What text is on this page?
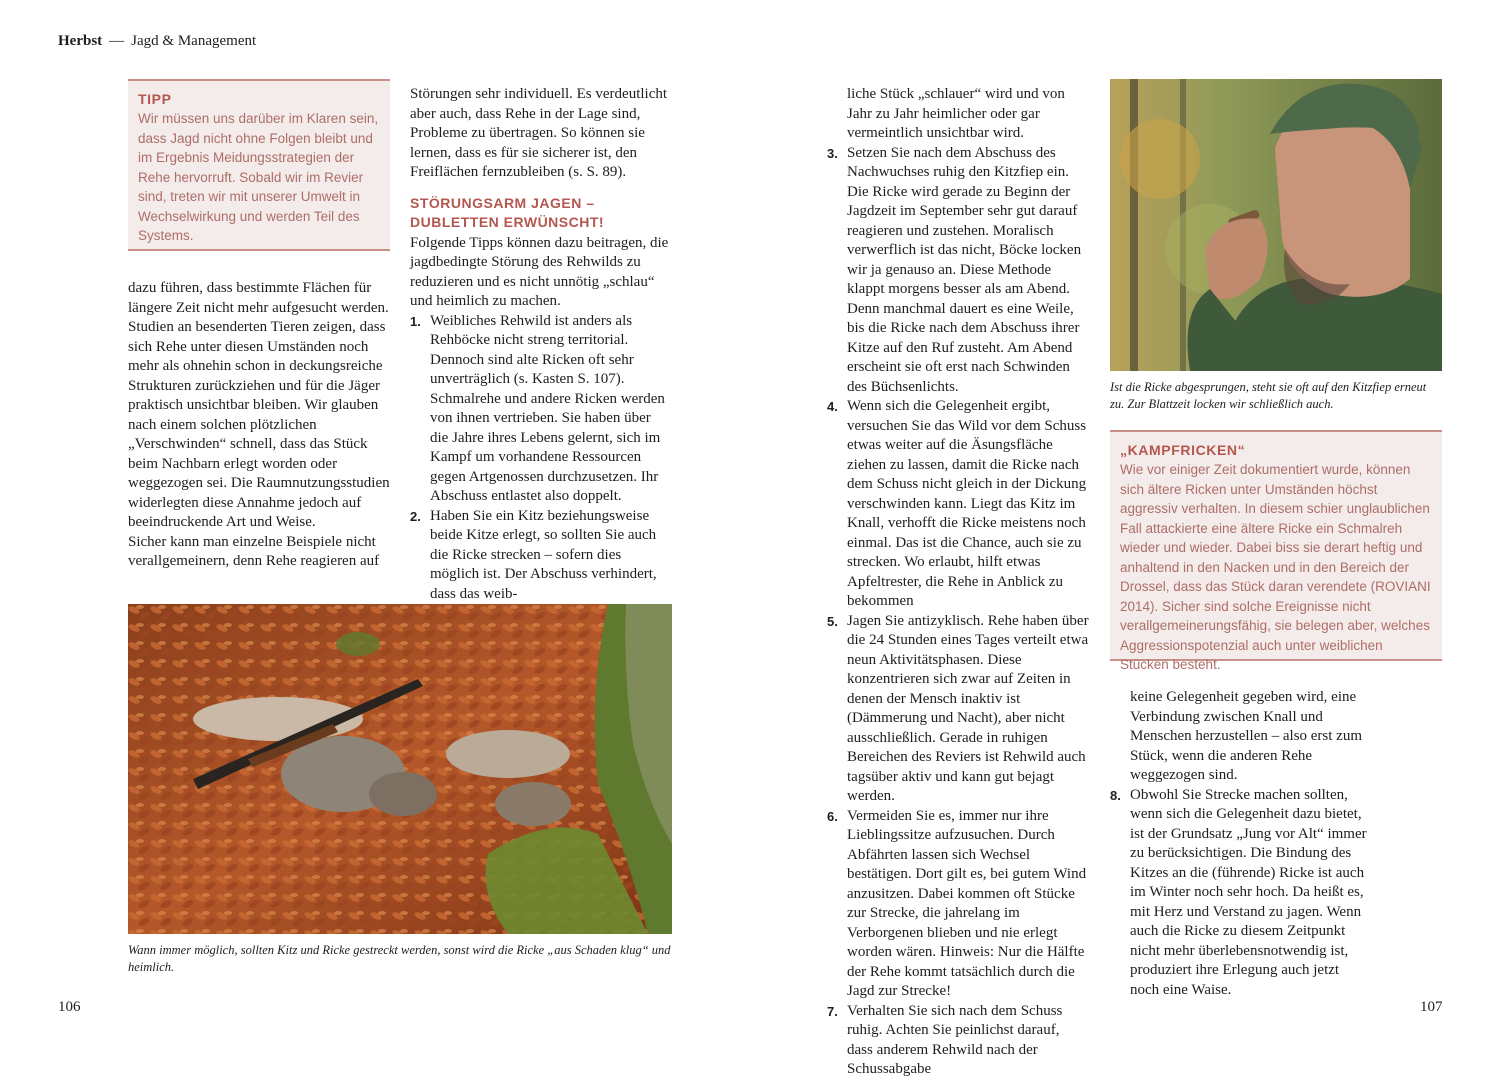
Herbst — Jagd & Management
TIPP
Wir müssen uns darüber im Klaren sein, dass Jagd nicht ohne Folgen bleibt und im Ergebnis Meidungsstrategien der Rehe hervorruft. Sobald wir im Revier sind, treten wir mit unserer Umwelt in Wechselwirkung und werden Teil des Systems.

dazu führen, dass bestimmte Flächen für längere Zeit nicht mehr aufgesucht werden. Studien an besenderten Tieren zeigen, dass sich Rehe unter diesen Umständen noch mehr als ohnehin schon in deckungsreiche Strukturen zurückziehen und für die Jäger praktisch unsichtbar bleiben. Wir glauben nach einem solchen plötzlichen „Verschwinden“ schnell, dass das Stück beim Nachbarn erlegt worden oder weggezogen sei. Die Raumnutzungsstudien widerlegten diese Annahme jedoch auf beeindruckende Art und Weise.

Sicher kann man einzelne Beispiele nicht verallgemeinern, denn Rehe reagieren auf

Störungen sehr individuell. Es verdeutlicht aber auch, dass Rehe in der Lage sind, Probleme zu übertragen. So können sie lernen, dass es für sie sicherer ist, den Freiflächen fernzubleiben (s. S. 89).

STÖRUNGSARM JAGEN – DUBLETTEN ERWÜNSCHT!

Folgende Tipps können dazu beitragen, die jagdbedingte Störung des Rehwilds zu reduzieren und es nicht unnötig „schlau“ und heimlich zu machen.

1. Weibliches Rehwild ist anders als Rehböcke nicht streng territorial. Dennoch sind alte Ricken oft sehr unverträglich (s. Kasten S. 107). Schmalrehe und andere Ricken werden von ihnen vertrieben. Sie haben über die Jahre ihres Lebens gelernt, sich im Kampf um vorhandene Ressourcen gegen Artgenossen durchzusetzen. Ihr Abschuss entlastet also doppelt.
2. Haben Sie ein Kitz beziehungsweise beide Kitze erlegt, so sollten Sie auch die Ricke strecken – sofern dies möglich ist. Der Abschuss verhindert, dass das weib-
Wann immer möglich, sollten Kitz und Ricke gestreckt werden, sonst wird die Ricke „aus Schaden klug“ und heimlich.
106

liche Stück „schlauer“ wird und von Jahr zu Jahr heimlicher oder gar vermeintlich unsichtbar wird.

3. Setzen Sie nach dem Abschuss des Nachwuchses ruhig den Kitzfiep ein. Die Ricke wird gerade zu Beginn der Jagdzeit im September sehr gut darauf reagieren und zustehen. Moralisch verwerflich ist das nicht, Böcke locken wir ja genauso an. Diese Methode klappt morgens besser als am Abend. Denn manchmal dauert es eine Weile, bis die Ricke nach dem Abschuss ihrer Kitze auf den Ruf zusteht. Am Abend erscheint sie oft erst nach Schwinden des Büchsenlichts.
4. Wenn sich die Gelegenheit ergibt, versuchen Sie das Wild vor dem Schuss etwas weiter auf die Äsungsfläche ziehen zu lassen, damit die Ricke nach dem Schuss nicht gleich in der Dickung verschwinden kann. Liegt das Kitz im Knall, verhofft die Ricke meistens noch einmal. Das ist die Chance, auch sie zu strecken. Wo erlaubt, hilft etwas Apfeltrester, die Rehe in Anblick zu bekommen
5. Jagen Sie antizyklisch. Rehe haben über die 24 Stunden eines Tages verteilt etwa neun Aktivitätsphasen. Diese konzentrieren sich zwar auf Zeiten in denen der Mensch inaktiv ist (Dämmerung und Nacht), aber nicht ausschließlich. Gerade in ruhigen Bereichen des Reviers ist Rehwild auch tagsüber aktiv und kann gut bejagt werden.
6. Vermeiden Sie es, immer nur ihre Lieblingssitze aufzusuchen. Durch Abfährten lassen sich Wechsel bestätigen. Dort gilt es, bei gutem Wind anzusitzen. Dabei kommen oft Stücke zur Strecke, die jahrelang im Verborgenen blieben und nie erlegt worden wären. Hinweis: Nur die Hälfte der Rehe kommt tatsächlich durch die Jagd zur Strecke!
7. Verhalten Sie sich nach dem Schuss ruhig. Achten Sie peinlichst darauf, dass anderem Rehwild nach der Schussabgabe
Ist die Ricke abgesprungen, steht sie oft auf den Kitzfiep erneut zu. Zur Blattzeit locken wir schließlich auch.
„KAMPFRICKEN“
Wie vor einiger Zeit dokumentiert wurde, können sich ältere Ricken unter Umständen höchst aggressiv verhalten. In diesem schier unglaublichen Fall attackierte eine ältere Ricke ein Schmalreh wieder und wieder. Dabei biss sie derart heftig und anhaltend in den Nacken und in den Bereich der Drossel, dass das Stück daran verendete (ROVIANI 2014). Sicher sind solche Ereignisse nicht verallgemeinerungsfähig, sie belegen aber, welches Aggressionspotenzial auch unter weiblichen Stücken besteht.

keine Gelegenheit gegeben wird, eine Verbindung zwischen Knall und Menschen herzustellen – also erst zum Stück, wenn die anderen Rehe weggezogen sind.

8. Obwohl Sie Strecke machen sollten, wenn sich die Gelegenheit dazu bietet, ist der Grundsatz „Jung vor Alt“ immer zu berücksichtigen. Die Bindung des Kitzes an die (führende) Ricke ist auch im Winter noch sehr hoch. Da heißt es, mit Herz und Verstand zu jagen. Wenn auch die Ricke zu diesem Zeitpunkt nicht mehr überlebensnotwendig ist, produziert ihre Erlegung auch jetzt noch eine Waise.
107
